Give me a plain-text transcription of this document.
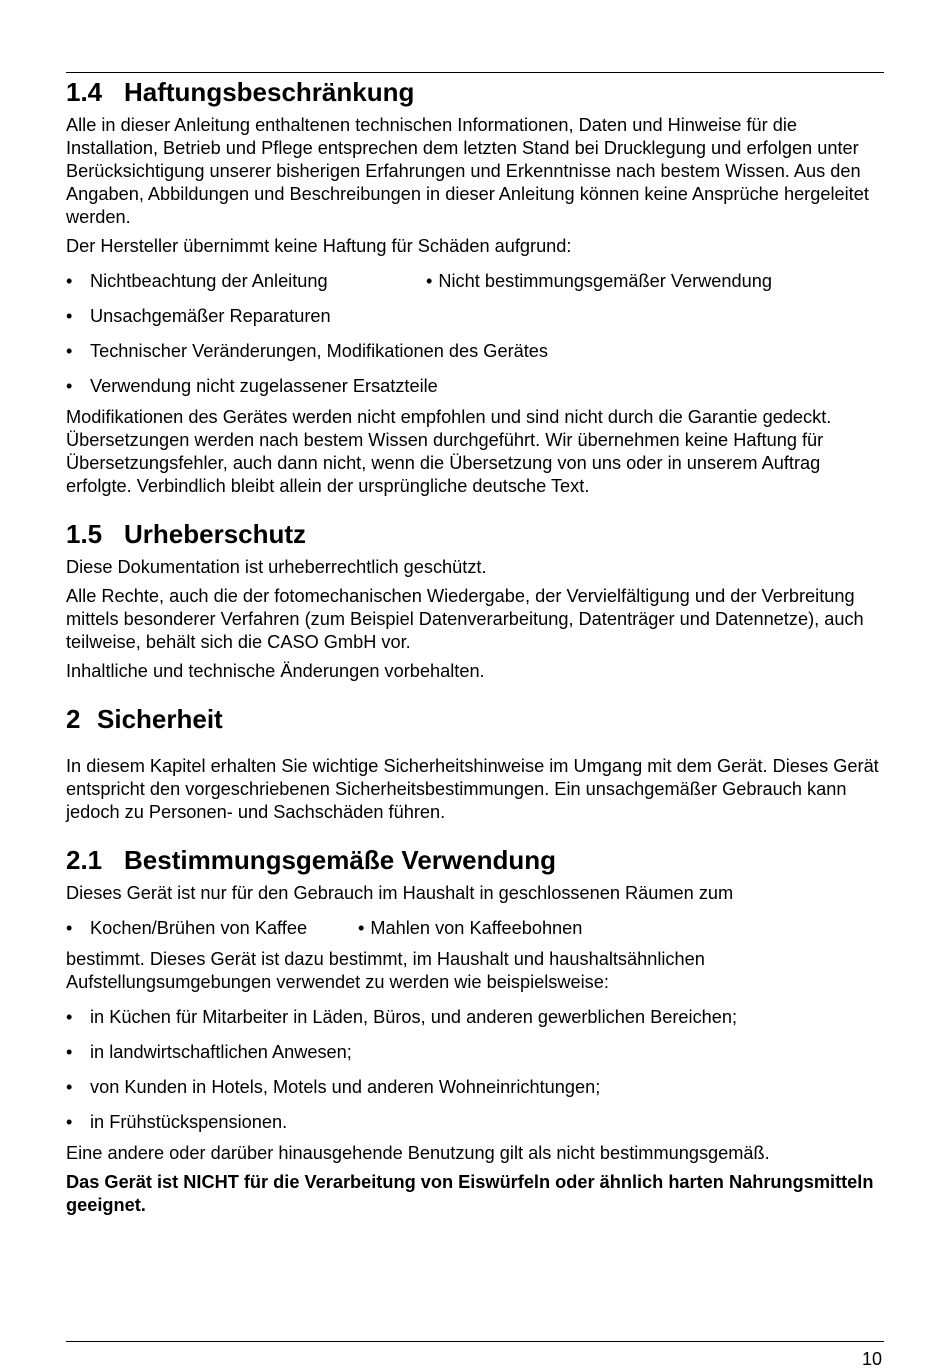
1.4 Haftungsbeschränkung

Alle in dieser Anleitung enthaltenen technischen Informationen, Daten und Hinweise für die Installation, Betrieb und Pflege entsprechen dem letzten Stand bei Drucklegung und erfolgen unter Berücksichtigung unserer bisherigen Erfahrungen und Erkenntnisse nach bestem Wissen. Aus den Angaben, Abbildungen und Beschreibungen in dieser Anleitung können keine Ansprüche hergeleitet werden.

Der Hersteller übernimmt keine Haftung für Schäden aufgrund:

• Nichtbeachtung der Anleitung	• Nicht bestimmungsgemäßer Verwendung
• Unsachgemäßer Reparaturen
• Technischer Veränderungen, Modifikationen des Gerätes
• Verwendung nicht zugelassener Ersatzteile

Modifikationen des Gerätes werden nicht empfohlen und sind nicht durch die Garantie gedeckt. Übersetzungen werden nach bestem Wissen durchgeführt. Wir übernehmen keine Haftung für Übersetzungsfehler, auch dann nicht, wenn die Übersetzung von uns oder in unserem Auftrag erfolgte. Verbindlich bleibt allein der ursprüngliche deutsche Text.

1.5 Urheberschutz

Diese Dokumentation ist urheberrechtlich geschützt.

Alle Rechte, auch die der fotomechanischen Wiedergabe, der Vervielfältigung und der Verbreitung mittels besonderer Verfahren (zum Beispiel Datenverarbeitung, Datenträger und Datennetze), auch teilweise, behält sich die CASO GmbH vor.

Inhaltliche und technische Änderungen vorbehalten.

2 Sicherheit

In diesem Kapitel erhalten Sie wichtige Sicherheitshinweise im Umgang mit dem Gerät. Dieses Gerät entspricht den vorgeschriebenen Sicherheitsbestimmungen. Ein unsachgemäßer Gebrauch kann jedoch zu Personen- und Sachschäden führen.

2.1 Bestimmungsgemäße Verwendung

Dieses Gerät ist nur für den Gebrauch im Haushalt in geschlossenen Räumen zum

• Kochen/Brühen von Kaffee	• Mahlen von Kaffeebohnen

bestimmt. Dieses Gerät ist dazu bestimmt, im Haushalt und haushaltsähnlichen Aufstellungsumgebungen verwendet zu werden wie beispielsweise:

• in Küchen für Mitarbeiter in Läden, Büros, und anderen gewerblichen Bereichen;
• in landwirtschaftlichen Anwesen;
• von Kunden in Hotels, Motels und anderen Wohneinrichtungen;
• in Frühstückspensionen.

Eine andere oder darüber hinausgehende Benutzung gilt als nicht bestimmungsgemäß.

Das Gerät ist NICHT für die Verarbeitung von Eiswürfeln oder ähnlich harten Nahrungsmitteln geeignet.

10
